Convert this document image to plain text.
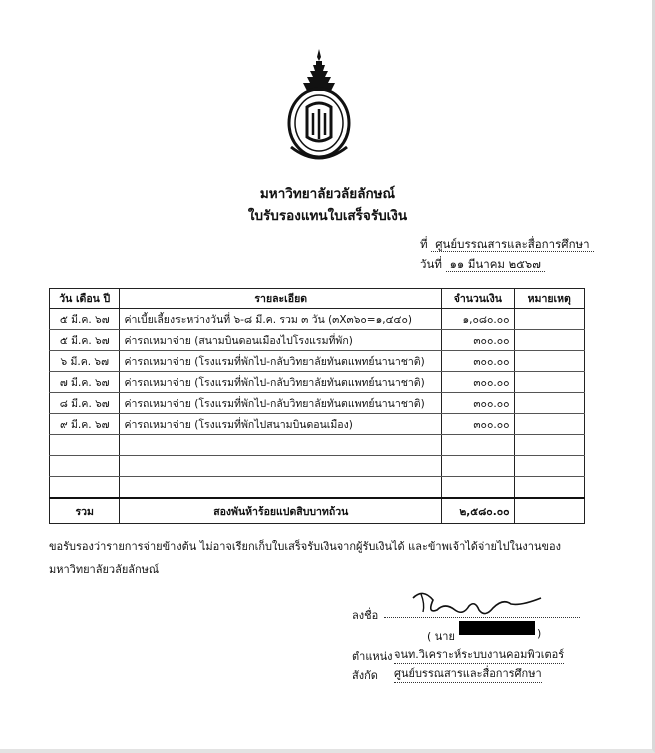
มหาวิทยาลัยวลัยลักษณ์
ใบรับรองแทนใบเสร็จรับเงิน
ที่ ศูนย์บรรณสารและสื่อการศึกษา
วันที่ ๑๑ มีนาคม ๒๕๖๗
วัน เดือน ปี	รายละเอียด	จำนวนเงิน	หมายเหตุ
๕ มี.ค. ๖๗	ค่าเบี้ยเลี้ยงระหว่างวันที่ ๖-๘ มี.ค. รวม ๓ วัน (๓X๓๖๐=๑,๔๔๐)	๑,๐๘๐.๐๐	
๕ มี.ค. ๖๗	ค่ารถเหมาจ่าย (สนามบินดอนเมืองไปโรงแรมที่พัก)	๓๐๐.๐๐	
๖ มี.ค. ๖๗	ค่ารถเหมาจ่าย (โรงแรมที่พักไป-กลับวิทยาลัยทันตแพทย์นานาชาติ)	๓๐๐.๐๐	
๗ มี.ค. ๖๗	ค่ารถเหมาจ่าย (โรงแรมที่พักไป-กลับวิทยาลัยทันตแพทย์นานาชาติ)	๓๐๐.๐๐	
๘ มี.ค. ๖๗	ค่ารถเหมาจ่าย (โรงแรมที่พักไป-กลับวิทยาลัยทันตแพทย์นานาชาติ)	๓๐๐.๐๐	
๙ มี.ค. ๖๗	ค่ารถเหมาจ่าย (โรงแรมที่พักไปสนามบินดอนเมือง)	๓๐๐.๐๐	

รวม	สองพันห้าร้อยแปดสิบบาทถ้วน	๒,๕๘๐.๐๐	
ขอรับรองว่ารายการจ่ายข้างต้น ไม่อาจเรียกเก็บใบเสร็จรับเงินจากผู้รับเงินได้ และข้าพเจ้าได้จ่ายไปในงานของมหาวิทยาลัยวลัยลักษณ์
ลงชื่อ
( นาย	)
ตำแหน่ง จนท.วิเคราะห์ระบบงานคอมพิวเตอร์
สังกัด ศูนย์บรรณสารและสื่อการศึกษา
